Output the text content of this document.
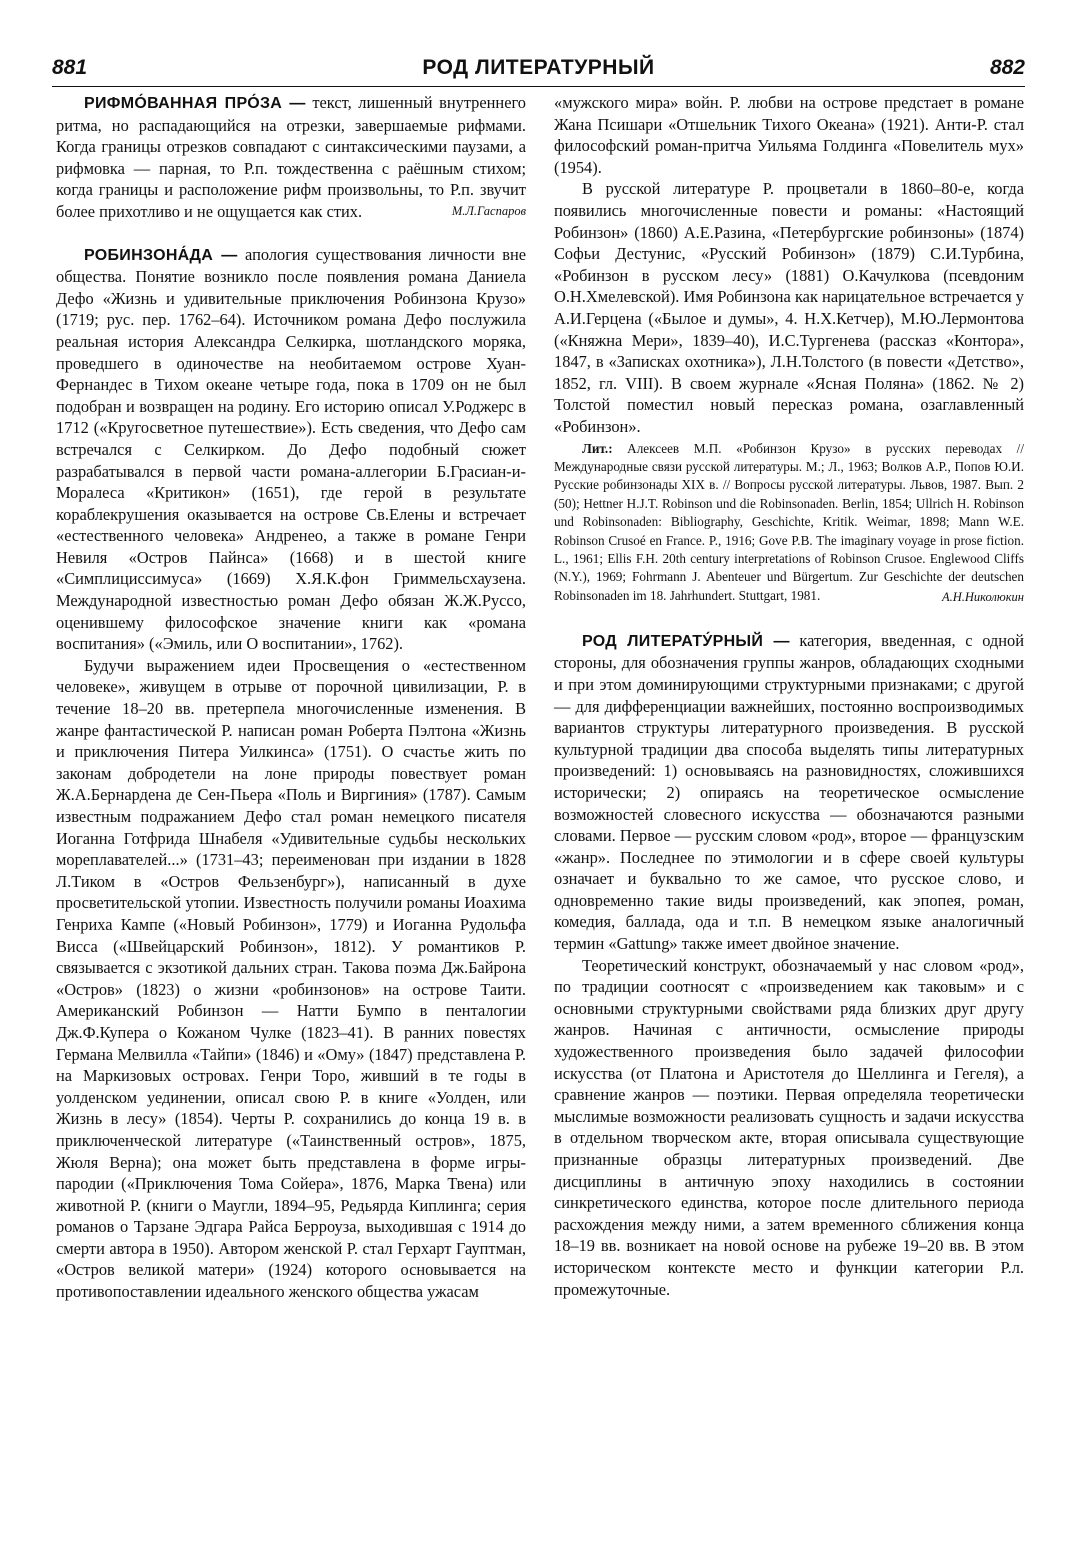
881	РОД ЛИТЕРАТУРНЫЙ	882

РИФМО́ВАННАЯ ПРО́ЗА — текст, лишенный внутреннего ритма, но распадающийся на отрезки, завершаемые рифмами. Когда границы отрезков совпадают с синтаксическими паузами, а рифмовка — парная, то Р.п. тождественна с раёшным стихом; когда границы и расположение рифм произвольны, то Р.п. звучит более прихотливо и не ощущается как стих.	М.Л.Гаспаров

РОБИНЗОНА́ДА — апология существования личности вне общества. Понятие возникло после появления романа Даниела Дефо «Жизнь и удивительные приключения Робинзона Крузо» (1719; рус. пер. 1762–64). Источником романа Дефо послужила реальная история Александра Селкирка, шотландского моряка, проведшего в одиночестве на необитаемом острове Хуан-Фернандес в Тихом океане четыре года, пока в 1709 он не был подобран и возвращен на родину. Его историю описал У.Роджерс в 1712 («Кругосветное путешествие»). Есть сведения, что Дефо сам встречался с Селкирком. До Дефо подобный сюжет разрабатывался в первой части романа-аллегории Б.Грасиан-и-Моралеса «Критикон» (1651), где герой в результате кораблекрушения оказывается на острове Св.Елены и встречает «естественного человека» Андренео, а также в романе Генри Невиля «Остров Пайнса» (1668) и в шестой книге «Симплициссимуса» (1669) Х.Я.К.фон Гриммельсхаузена. Международной известностью роман Дефо обязан Ж.Ж.Руссо, оценившему философское значение книги как «романа воспитания» («Эмиль, или О воспитании», 1762).

Будучи выражением идеи Просвещения о «естественном человеке», живущем в отрыве от порочной цивилизации, Р. в течение 18–20 вв. претерпела многочисленные изменения. В жанре фантастической Р. написан роман Роберта Пэлтона «Жизнь и приключения Питера Уилкинса» (1751). О счастье жить по законам добродетели на лоне природы повествует роман Ж.А.Бернардена де Сен-Пьера «Поль и Виргиния» (1787). Самым известным подражанием Дефо стал роман немецкого писателя Иоганна Готфрида Шнабеля «Удивительные судьбы нескольких мореплавателей...» (1731–43; переименован при издании в 1828 Л.Тиком в «Остров Фельзенбург»), написанный в духе просветительской утопии. Известность получили романы Иоахима Генриха Кампе («Новый Робинзон», 1779) и Иоганна Рудольфа Висса («Швейцарский Робинзон», 1812). У романтиков Р. связывается с экзотикой дальних стран. Такова поэма Дж.Байрона «Остров» (1823) о жизни «робинзонов» на острове Таити. Американский Робинзон — Натти Бумпо в пенталогии Дж.Ф.Купера о Кожаном Чулке (1823–41). В ранних повестях Германа Мелвилла «Тайпи» (1846) и «Ому» (1847) представлена Р. на Маркизовых островах. Генри Торо, живший в те годы в уолденском уединении, описал свою Р. в книге «Уолден, или Жизнь в лесу» (1854). Черты Р. сохранились до конца 19 в. в приключенческой литературе («Таинственный остров», 1875, Жюля Верна); она может быть представлена в форме игры-пародии («Приключения Тома Сойера», 1876, Марка Твена) или животной Р. (книги о Маугли, 1894–95, Редьярда Киплинга; серия романов о Тарзане Эдгара Райса Берроуза, выходившая с 1914 до смерти автора в 1950). Автором женской Р. стал Герхарт Гауптман, «Остров великой матери» (1924) которого основывается на противопоставлении идеального женского общества ужасам

«мужского мира» войн. Р. любви на острове предстает в романе Жана Псишари «Отшельник Тихого Океана» (1921). Анти-Р. стал философский роман-притча Уильяма Голдинга «Повелитель мух» (1954).

В русской литературе Р. процветали в 1860–80-е, когда появились многочисленные повести и романы: «Настоящий Робинзон» (1860) А.Е.Разина, «Петербургские робинзоны» (1874) Софьи Дестунис, «Русский Робинзон» (1879) С.И.Турбина, «Робинзон в русском лесу» (1881) О.Качулкова (псевдоним О.Н.Хмелевской). Имя Робинзона как нарицательное встречается у А.И.Герцена («Былое и думы», 4. Н.Х.Кетчер), М.Ю.Лермонтова («Княжна Мери», 1839–40), И.С.Тургенева (рассказ «Контора», 1847, в «Записках охотника»), Л.Н.Толстого (в повести «Детство», 1852, гл. VIII). В своем журнале «Ясная Поляна» (1862. № 2) Толстой поместил новый пересказ романа, озаглавленный «Робинзон».

Лит.: Алексеев М.П. «Робинзон Крузо» в русских переводах // Международные связи русской литературы. М.; Л., 1963; Волков А.Р., Попов Ю.И. Русские робинзонады XIX в. // Вопросы русской литературы. Львов, 1987. Вып. 2 (50); Hettner H.J.T. Robinson und die Robinsonaden. Berlin, 1854; Ullrich H. Robinson und Robinsonaden: Bibliography, Geschichte, Kritik. Weimar, 1898; Mann W.E. Robinson Crusoé en France. P., 1916; Gove P.B. The imaginary voyage in prose fiction. L., 1961; Ellis F.H. 20th century interpretations of Robinson Crusoe. Englewood Cliffs (N.Y.), 1969; Fohrmann J. Abenteuer und Bürgertum. Zur Geschichte der deutschen Robinsonaden im 18. Jahrhundert. Stuttgart, 1981.	А.Н.Николюкин

РОД ЛИТЕРАТУ́РНЫЙ — категория, введенная, с одной стороны, для обозначения группы жанров, обладающих сходными и при этом доминирующими структурными признаками; с другой — для дифференциации важнейших, постоянно воспроизводимых вариантов структуры литературного произведения. В русской культурной традиции два способа выделять типы литературных произведений: 1) основываясь на разновидностях, сложившихся исторически; 2) опираясь на теоретическое осмысление возможностей словесного искусства — обозначаются разными словами. Первое — русским словом «род», второе — французским «жанр». Последнее по этимологии и в сфере своей культуры означает и буквально то же самое, что русское слово, и одновременно такие виды произведений, как эпопея, роман, комедия, баллада, ода и т.п. В немецком языке аналогичный термин «Gattung» также имеет двойное значение.

Теоретический конструкт, обозначаемый у нас словом «род», по традиции соотносят с «произведением как таковым» и с основными структурными свойствами ряда близких друг другу жанров. Начиная с античности, осмысление природы художественного произведения было задачей философии искусства (от Платона и Аристотеля до Шеллинга и Гегеля), а сравнение жанров — поэтики. Первая определяла теоретически мыслимые возможности реализовать сущность и задачи искусства в отдельном творческом акте, вторая описывала существующие признанные образцы литературных произведений. Две дисциплины в античную эпоху находились в состоянии синкретического единства, которое после длительного периода расхождения между ними, а затем временного сближения конца 18–19 вв. возникает на новой основе на рубеже 19–20 вв. В этом историческом контексте место и функции категории Р.л. промежуточные.
